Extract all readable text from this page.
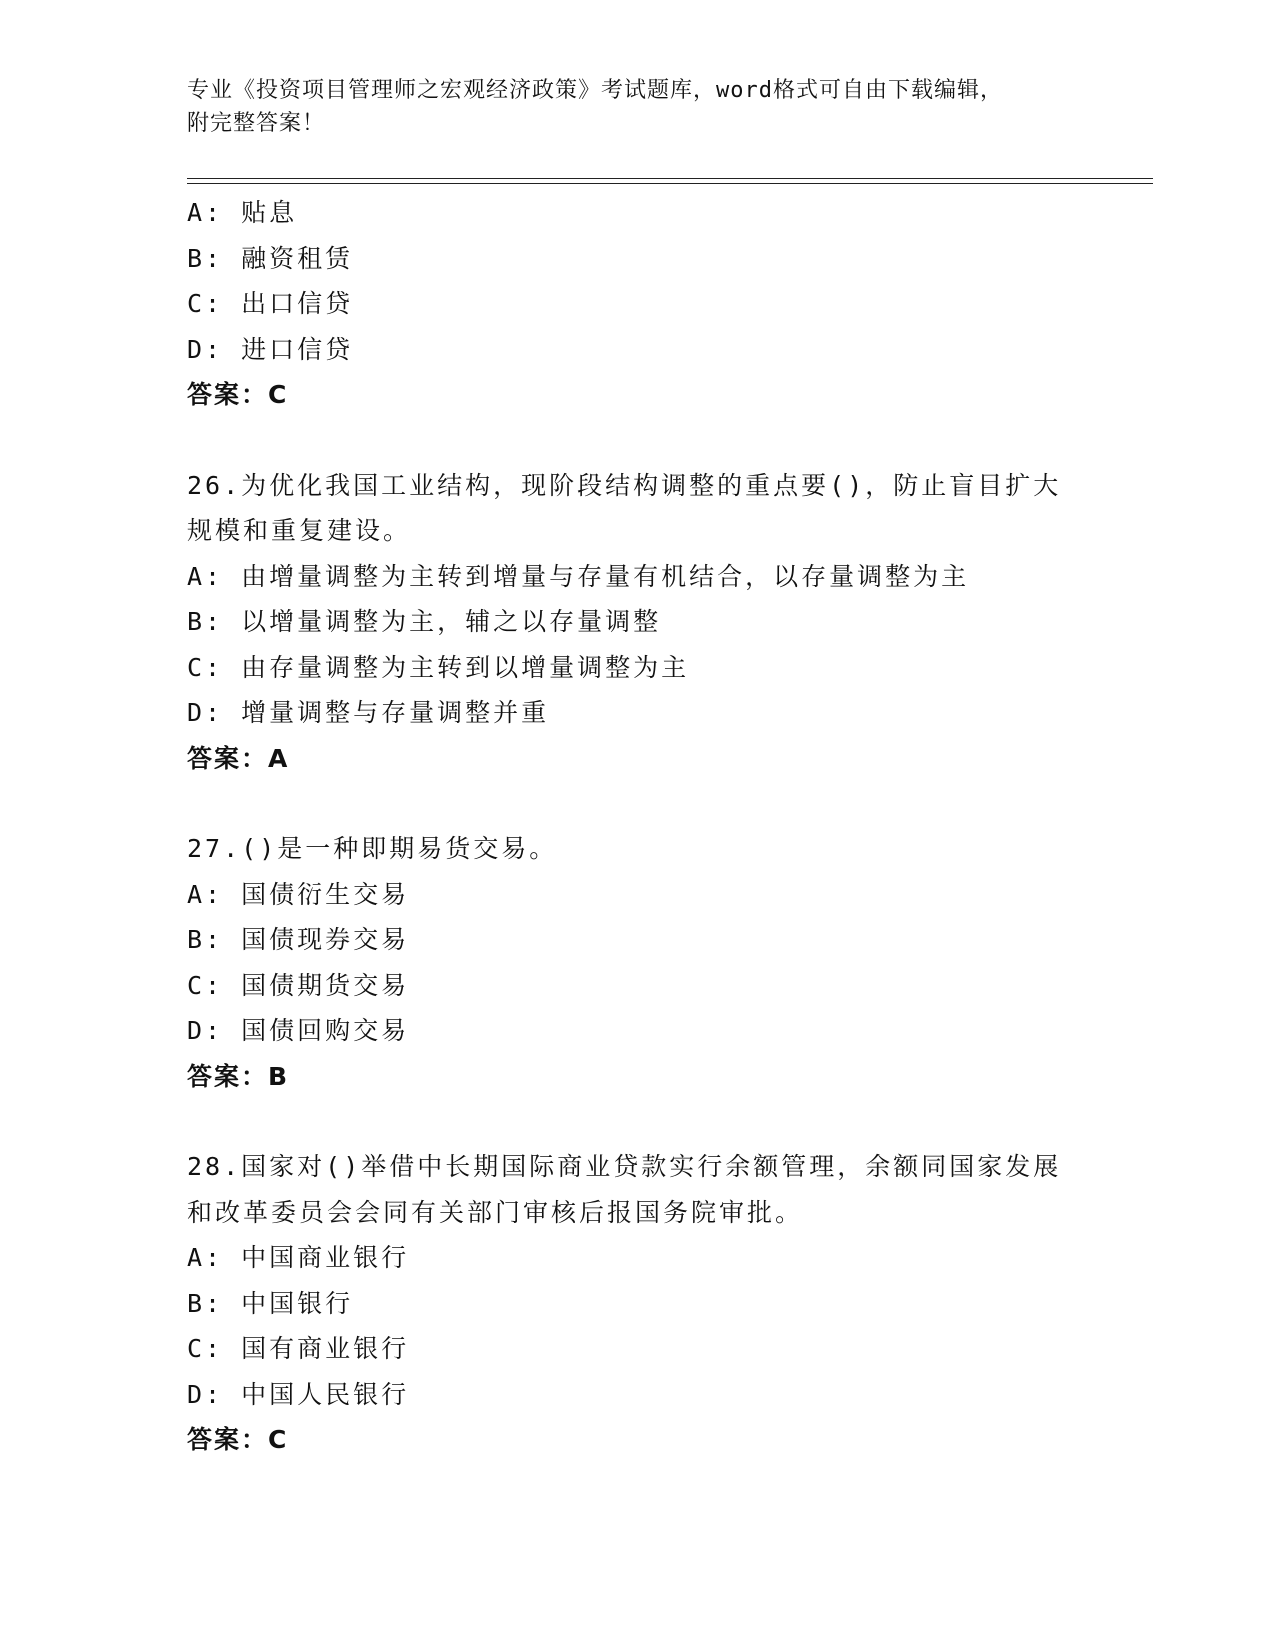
专业《投资项目管理师之宏观经济政策》考试题库，word格式可自由下载编辑，
附完整答案！
A: 贴息
B: 融资租赁
C: 出口信贷
D: 进口信贷
答案：C
26.为优化我国工业结构，现阶段结构调整的重点要()，防止盲目扩大
规模和重复建设。
A: 由增量调整为主转到增量与存量有机结合，以存量调整为主
B: 以增量调整为主，辅之以存量调整
C: 由存量调整为主转到以增量调整为主
D: 增量调整与存量调整并重
答案：A
27.()是一种即期易货交易。
A: 国债衍生交易
B: 国债现券交易
C: 国债期货交易
D: 国债回购交易
答案：B
28.国家对()举借中长期国际商业贷款实行余额管理，余额同国家发展
和改革委员会会同有关部门审核后报国务院审批。
A: 中国商业银行
B: 中国银行
C: 国有商业银行
D: 中国人民银行
答案：C
